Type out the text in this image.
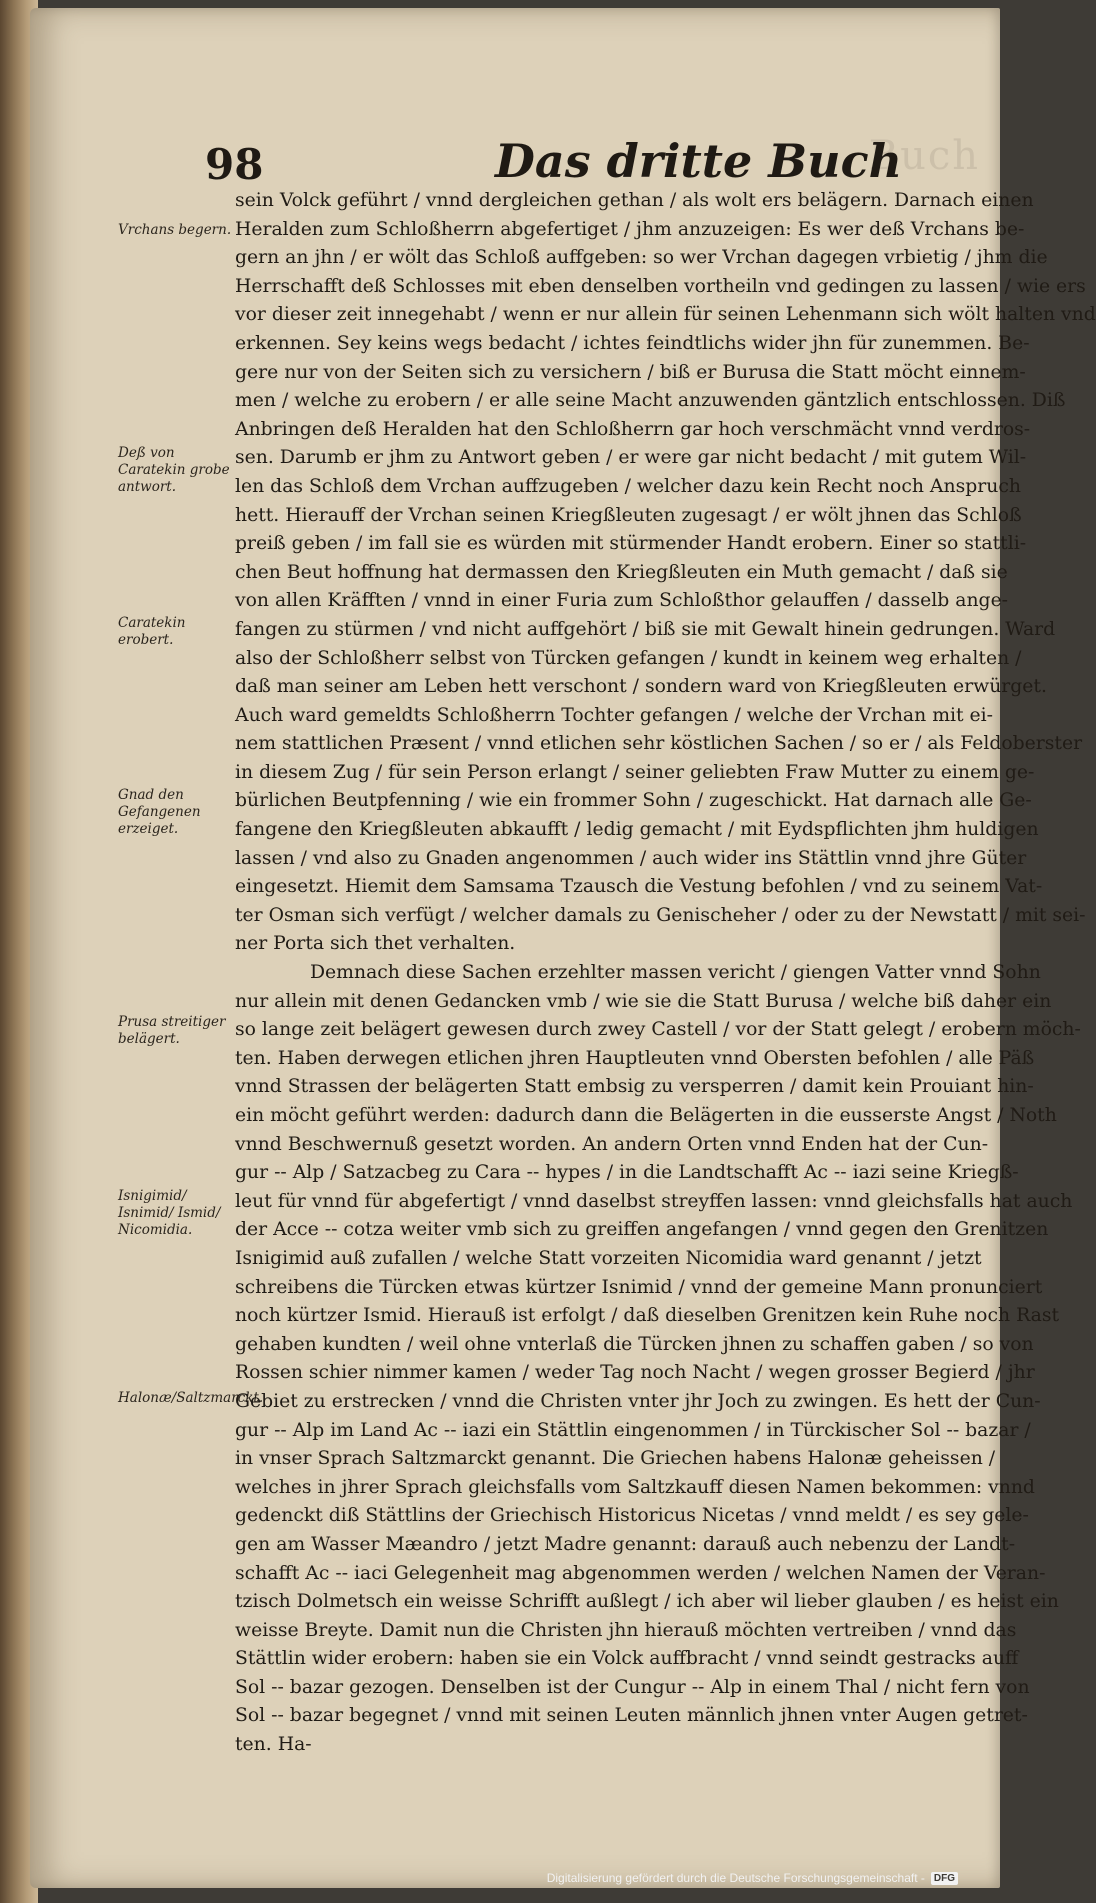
Buch
98	Das dritte Buch
Vrchans begern.
Deß von Caratekin grobe antwort.
Caratekin erobert.
Gnad den Gefangenen erzeiget.
Prusa streitiger belägert.
Isnigimid/ Isnimid/ Ismid/ Nicomidia.
Halonæ/Saltzmarckt.
sein Volck geführt / vnnd dergleichen gethan / als wolt ers belägern. Darnach einen
Heralden zum Schloßherrn abgefertiget / jhm anzuzeigen: Es wer deß Vrchans be-
gern an jhn / er wölt das Schloß auffgeben: so wer Vrchan dagegen vrbietig / jhm die
Herrschafft deß Schlosses mit eben denselben vortheiln vnd gedingen zu lassen / wie ers
vor dieser zeit innegehabt / wenn er nur allein für seinen Lehenmann sich wölt halten vnd
erkennen. Sey keins wegs bedacht / ichtes feindtlichs wider jhn für zunemmen. Be-
gere nur von der Seiten sich zu versichern / biß er Burusa die Statt möcht einnem-
men / welche zu erobern / er alle seine Macht anzuwenden gäntzlich entschlossen. Diß
Anbringen deß Heralden hat den Schloßherrn gar hoch verschmächt vnnd verdros-
sen. Darumb er jhm zu Antwort geben / er were gar nicht bedacht / mit gutem Wil-
len das Schloß dem Vrchan auffzugeben / welcher dazu kein Recht noch Anspruch
hett. Hierauff der Vrchan seinen Kriegßleuten zugesagt / er wölt jhnen das Schloß
preiß geben / im fall sie es würden mit stürmender Handt erobern. Einer so stattli-
chen Beut hoffnung hat dermassen den Kriegßleuten ein Muth gemacht / daß sie
von allen Kräfften / vnnd in einer Furia zum Schloßthor gelauffen / dasselb ange-
fangen zu stürmen / vnd nicht auffgehört / biß sie mit Gewalt hinein gedrungen. Ward
also der Schloßherr selbst von Türcken gefangen / kundt in keinem weg erhalten /
daß man seiner am Leben hett verschont / sondern ward von Kriegßleuten erwürget.
Auch ward gemeldts Schloßherrn Tochter gefangen / welche der Vrchan mit ei-
nem stattlichen Præsent / vnnd etlichen sehr köstlichen Sachen / so er / als Feldoberster
in diesem Zug / für sein Person erlangt / seiner geliebten Fraw Mutter zu einem ge-
bürlichen Beutpfenning / wie ein frommer Sohn / zugeschickt. Hat darnach alle Ge-
fangene den Kriegßleuten abkaufft / ledig gemacht / mit Eydspflichten jhm huldigen
lassen / vnd also zu Gnaden angenommen / auch wider ins Stättlin vnnd jhre Güter
eingesetzt. Hiemit dem Samsama Tzausch die Vestung befohlen / vnd zu seinem Vat-
ter Osman sich verfügt / welcher damals zu Genischeher / oder zu der Newstatt / mit sei-
ner Porta sich thet verhalten.
Demnach diese Sachen erzehlter massen vericht / giengen Vatter vnnd Sohn
nur allein mit denen Gedancken vmb / wie sie die Statt Burusa / welche biß daher ein
so lange zeit belägert gewesen durch zwey Castell / vor der Statt gelegt / erobern möch-
ten. Haben derwegen etlichen jhren Hauptleuten vnnd Obersten befohlen / alle Päß
vnnd Strassen der belägerten Statt embsig zu versperren / damit kein Prouiant hin-
ein möcht geführt werden: dadurch dann die Belägerten in die eusserste Angst / Noth
vnnd Beschwernuß gesetzt worden. An andern Orten vnnd Enden hat der Cun-
gur -- Alp / Satzacbeg zu Cara -- hypes / in die Landtschafft Ac -- iazi seine Kriegß-
leut für vnnd für abgefertigt / vnnd daselbst streyffen lassen: vnnd gleichsfalls hat auch
der Acce -- cotza weiter vmb sich zu greiffen angefangen / vnnd gegen den Grenitzen
Isnigimid auß zufallen / welche Statt vorzeiten Nicomidia ward genannt / jetzt
schreibens die Türcken etwas kürtzer Isnimid / vnnd der gemeine Mann pronunciert
noch kürtzer Ismid. Hierauß ist erfolgt / daß dieselben Grenitzen kein Ruhe noch Rast
gehaben kundten / weil ohne vnterlaß die Türcken jhnen zu schaffen gaben / so von
Rossen schier nimmer kamen / weder Tag noch Nacht / wegen grosser Begierd / jhr
Gebiet zu erstrecken / vnnd die Christen vnter jhr Joch zu zwingen. Es hett der Cun-
gur -- Alp im Land Ac -- iazi ein Stättlin eingenommen / in Türckischer Sol -- bazar /
in vnser Sprach Saltzmarckt genannt. Die Griechen habens Halonæ geheissen /
welches in jhrer Sprach gleichsfalls vom Saltzkauff diesen Namen bekommen: vnnd
gedenckt diß Stättlins der Griechisch Historicus Nicetas / vnnd meldt / es sey gele-
gen am Wasser Mæandro / jetzt Madre genannt: darauß auch nebenzu der Landt-
schafft Ac -- iaci Gelegenheit mag abgenommen werden / welchen Namen der Veran-
tzisch Dolmetsch ein weisse Schrifft außlegt / ich aber wil lieber glauben / es heist ein
weisse Breyte. Damit nun die Christen jhn hierauß möchten vertreiben / vnnd das
Stättlin wider erobern: haben sie ein Volck auffbracht / vnnd seindt gestracks auff
Sol -- bazar gezogen. Denselben ist der Cungur -- Alp in einem Thal / nicht fern von
Sol -- bazar begegnet / vnnd mit seinen Leuten männlich jhnen vnter Augen getret-
ten. Ha-
Digitalisierung gefördert durch die Deutsche Forschungsgemeinschaft - DFG
